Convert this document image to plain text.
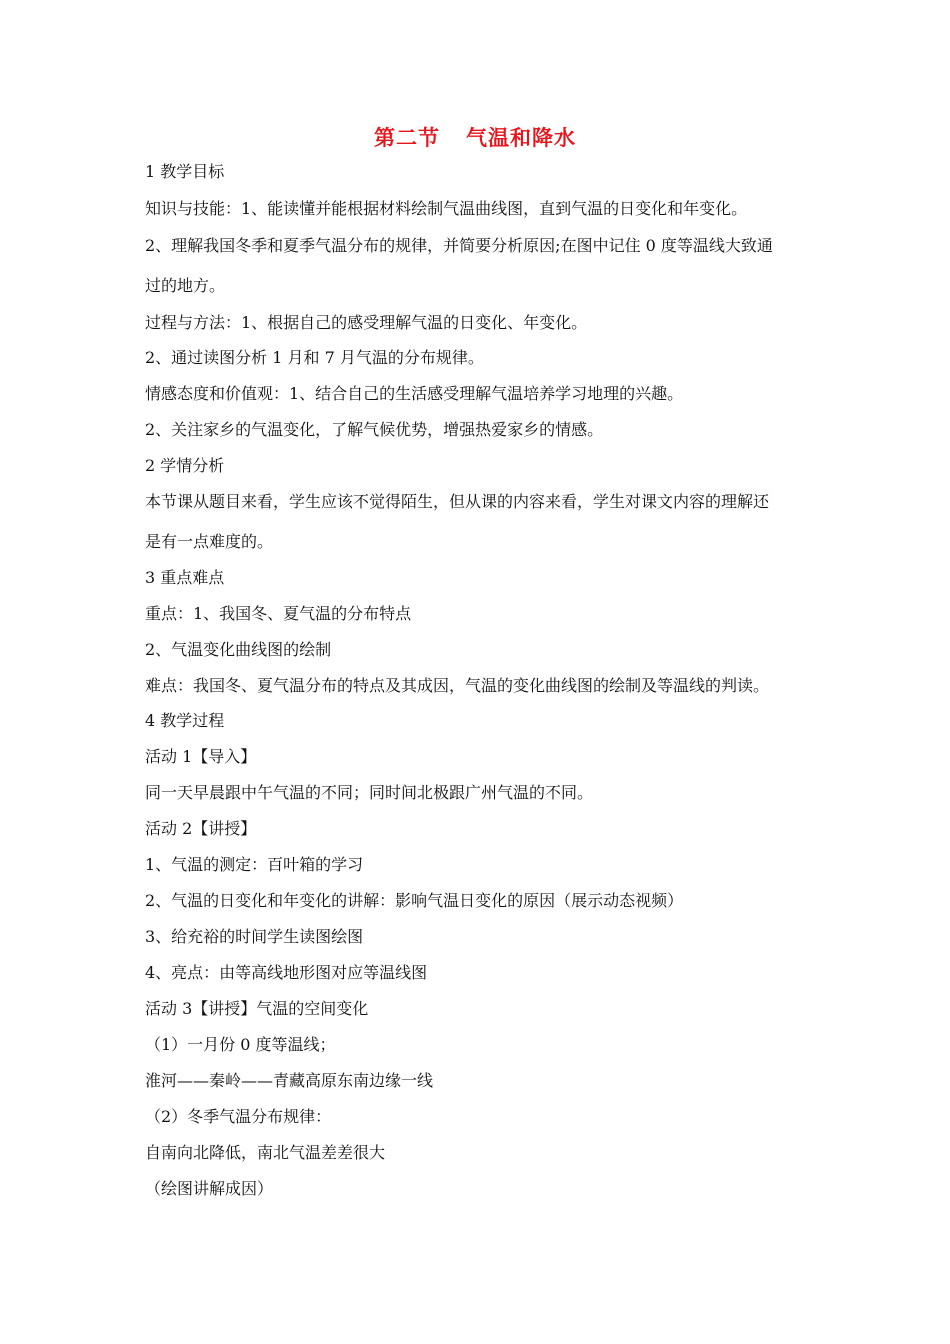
第二节 气温和降水
1 教学目标
知识与技能：1、能读懂并能根据材料绘制气温曲线图，直到气温的日变化和年变化。
2、理解我国冬季和夏季气温分布的规律，并简要分析原因;在图中记住 0 度等温线大致通
过的地方。
过程与方法：1、根据自己的感受理解气温的日变化、年变化。
2、通过读图分析 1 月和 7 月气温的分布规律。
情感态度和价值观：1、结合自己的生活感受理解气温培养学习地理的兴趣。
2、关注家乡的气温变化，了解气候优势，增强热爱家乡的情感。
2 学情分析
本节课从题目来看，学生应该不觉得陌生，但从课的内容来看，学生对课文内容的理解还
是有一点难度的。
3 重点难点
重点：1、我国冬、夏气温的分布特点
2、气温变化曲线图的绘制
难点：我国冬、夏气温分布的特点及其成因，气温的变化曲线图的绘制及等温线的判读。
4 教学过程
活动 1【导入】
同一天早晨跟中午气温的不同；同时间北极跟广州气温的不同。
活动 2【讲授】
1、气温的测定：百叶箱的学习
2、气温的日变化和年变化的讲解：影响气温日变化的原因（展示动态视频）
3、给充裕的时间学生读图绘图
4、亮点：由等高线地形图对应等温线图
活动 3【讲授】气温的空间变化
（1）一月份 0 度等温线；
淮河——秦岭——青藏高原东南边缘一线
（2）冬季气温分布规律：
自南向北降低，南北气温差差很大
（绘图讲解成因）
